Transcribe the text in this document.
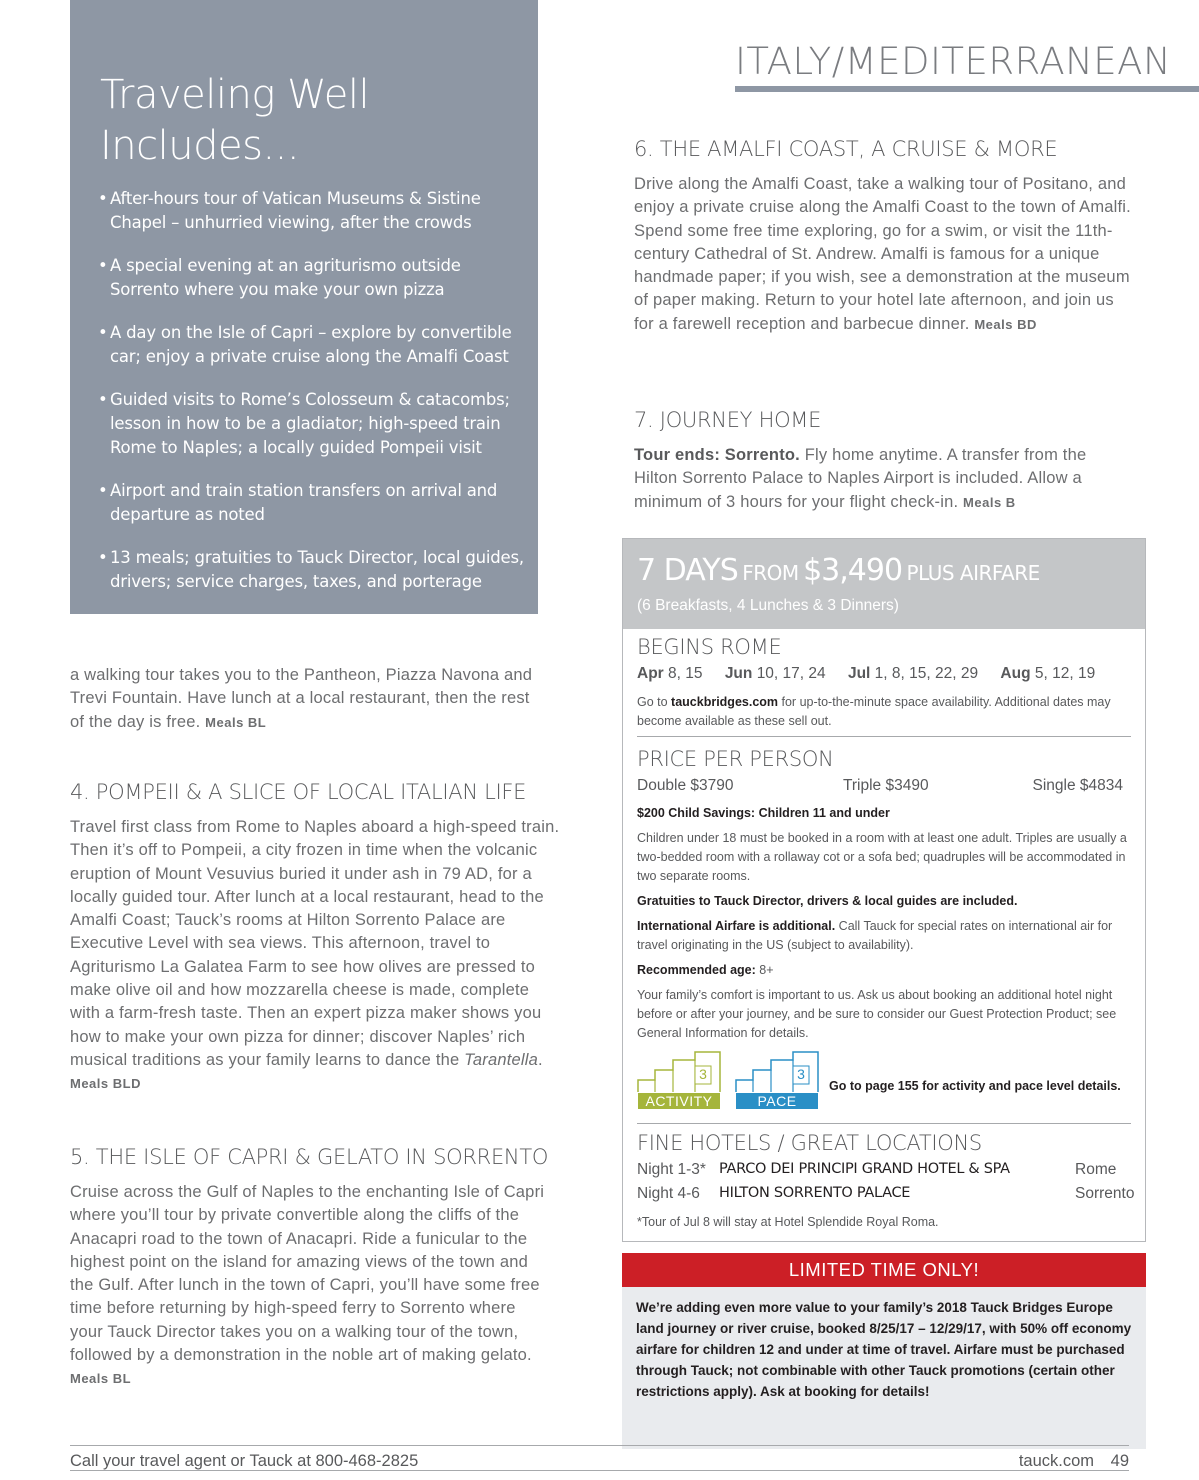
Traveling Well
Includes...
• After-hours tour of Vatican Museums & Sistine Chapel – unhurried viewing, after the crowds
• A special evening at an agriturismo outside Sorrento where you make your own pizza
• A day on the Isle of Capri – explore by convertible car; enjoy a private cruise along the Amalfi Coast
• Guided visits to Rome’s Colosseum & catacombs; lesson in how to be a gladiator; high-speed train Rome to Naples; a locally guided Pompeii visit
• Airport and train station transfers on arrival and departure as noted
• 13 meals; gratuities to Tauck Director, local guides, drivers; service charges, taxes, and porterage

a walking tour takes you to the Pantheon, Piazza Navona and Trevi Fountain. Have lunch at a local restaurant, then the rest of the day is free. Meals BL

4. POMPEII & A SLICE OF LOCAL ITALIAN LIFE

Travel first class from Rome to Naples aboard a high-speed train. Then it’s off to Pompeii, a city frozen in time when the volcanic eruption of Mount Vesuvius buried it under ash in 79 AD, for a locally guided tour. After lunch at a local restaurant, head to the Amalfi Coast; Tauck’s rooms at Hilton Sorrento Palace are Executive Level with sea views. This afternoon, travel to Agriturismo La Galatea Farm to see how olives are pressed to make olive oil and how mozzarella cheese is made, complete with a farm-fresh taste. Then an expert pizza maker shows you how to make your own pizza for dinner; discover Naples’ rich musical traditions as your family learns to dance the Tarantella. Meals BLD

5. THE ISLE OF CAPRI & GELATO IN SORRENTO

Cruise across the Gulf of Naples to the enchanting Isle of Capri where you’ll tour by private convertible along the cliffs of the Anacapri road to the town of Anacapri. Ride a funicular to the highest point on the island for amazing views of the town and the Gulf. After lunch in the town of Capri, you’ll have some free time before returning by high-speed ferry to Sorrento where your Tauck Director takes you on a walking tour of the town, followed by a demonstration in the noble art of making gelato. Meals BL

ITALY/MEDITERRANEAN
6. THE AMALFI COAST, A CRUISE & MORE

Drive along the Amalfi Coast, take a walking tour of Positano, and enjoy a private cruise along the Amalfi Coast to the town of Amalfi. Spend some free time exploring, go for a swim, or visit the 11th-century Cathedral of St. Andrew. Amalfi is famous for a unique handmade paper; if you wish, see a demonstration at the museum of paper making. Return to your hotel late afternoon, and join us for a farewell reception and barbecue dinner. Meals BD

7. JOURNEY HOME

Tour ends: Sorrento. Fly home anytime. A transfer from the Hilton Sorrento Palace to Naples Airport is included. Allow a minimum of 3 hours for your flight check-in. Meals B

7 DAYS FROM $3,490 PLUS AIRFARE
(6 Breakfasts, 4 Lunches & 3 Dinners)
BEGINS ROME
Apr 8, 15 Jun 10, 17, 24 Jul 1, 8, 15, 22, 29 Aug 5, 12, 19

Go to tauckbridges.com for up-to-the-minute space availability. Additional dates may become available as these sell out.

PRICE PER PERSON
Double $3790	Triple $3490	Single $4834

$200 Child Savings: Children 11 and under

Children under 18 must be booked in a room with at least one adult. Triples are usually a two-bedded room with a rollaway cot or a sofa bed; quadruples will be accommodated in two separate rooms.

Gratuities to Tauck Director, drivers & local guides are included.

International Airfare is additional. Call Tauck for special rates on international air for travel originating in the US (subject to availability).

Recommended age: 8+

Your family’s comfort is important to us. Ask us about booking an additional hotel night before or after your journey, and be sure to consider our Guest Protection Product; see General Information for details.

3
ACTIVITY
3
PACE

Go to page 155 for activity and pace level details.

FINE HOTELS / GREAT LOCATIONS
Night 1-3* PARCO DEI PRINCIPI GRAND HOTEL & SPA	Rome
Night 4-6 HILTON SORRENTO PALACE	Sorrento

*Tour of Jul 8 will stay at Hotel Splendide Royal Roma.

LIMITED TIME ONLY!

We’re adding even more value to your family’s 2018 Tauck Bridges Europe land journey or river cruise, booked 8/25/17 – 12/29/17, with 50% off economy airfare for children 12 and under at time of travel. Airfare must be purchased through Tauck; not combinable with other Tauck promotions (certain other restrictions apply). Ask at booking for details!

Call your travel agent or Tauck at 800-468-2825	tauck.com 49
